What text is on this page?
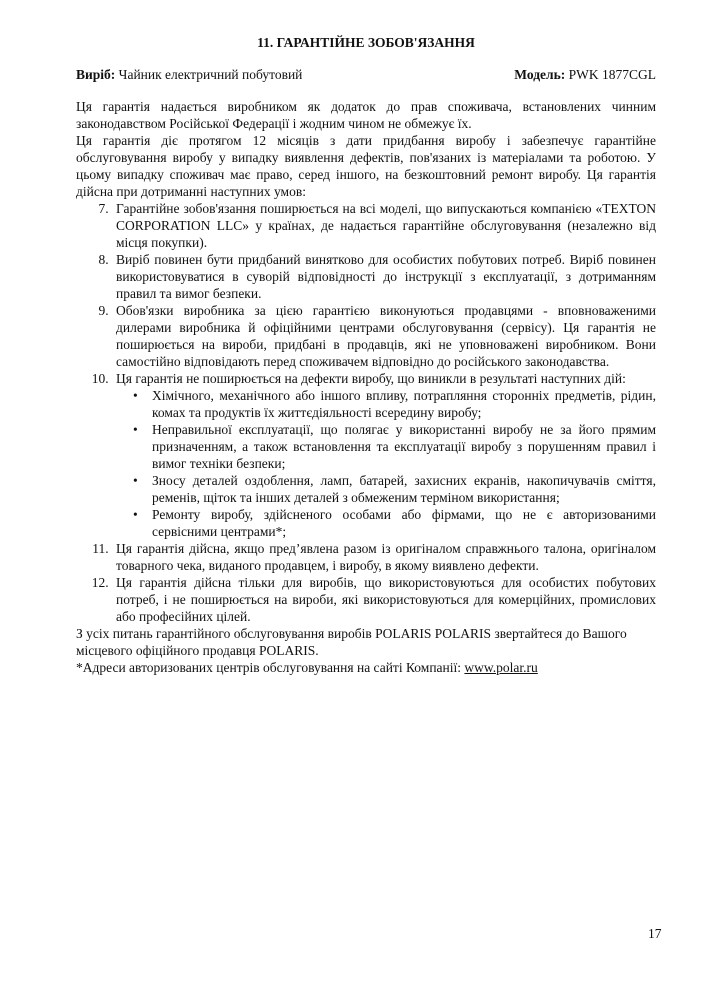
11. ГАРАНТІЙНЕ ЗОБОВ'ЯЗАННЯ
Виріб: Чайник електричний побутовий	Модель: PWK 1877CGL

Ця гарантія надається виробником як додаток до прав споживача, встановлених чинним законодавством Російської Федерації і жодним чином не обмежує їх.

Ця гарантія діє протягом 12 місяців з дати придбання виробу і забезпечує гарантійне обслуговування виробу у випадку виявлення дефектів, пов'язаних із матеріалами та роботою. У цьому випадку споживач має право, серед іншого, на безкоштовний ремонт виробу. Ця гарантія дійсна при дотриманні наступних умов:

7. Гарантійне зобов'язання поширюється на всі моделі, що випускаються компанією «TEXTON CORPORATION LLC» у країнах, де надається гарантійне обслуговування (незалежно від місця покупки).
8. Виріб повинен бути придбаний винятково для особистих побутових потреб. Виріб повинен використовуватися в суворій відповідності до інструкції з експлуатації, з дотриманням правил та вимог безпеки.
9. Обов'язки виробника за цією гарантією виконуються продавцями - вповноваженими дилерами виробника й офіційними центрами обслуговування (сервісу). Ця гарантія не поширюється на вироби, придбані в продавців, які не уповноважені виробником. Вони самостійно відповідають перед споживачем відповідно до російського законодавства.
10. Ця гарантія не поширюється на дефекти виробу, що виникли в результаті наступних дій:
• Хімічного, механічного або іншого впливу, потрапляння сторонніх предметів, рідин, комах та продуктів їх життєдіяльності всередину виробу;
• Неправильної експлуатації, що полягає у використанні виробу не за його прямим призначенням, а також встановлення та експлуатації виробу з порушенням правил і вимог техніки безпеки;
• Зносу деталей оздоблення, ламп, батарей, захисних екранів, накопичувачів сміття, ременів, щіток та інших деталей з обмеженим терміном використання;
• Ремонту виробу, здійсненого особами або фірмами, що не є авторизованими сервісними центрами*;
11. Ця гарантія дійсна, якщо пред’явлена разом із оригіналом справжнього талона, оригіналом товарного чека, виданого продавцем, і виробу, в якому виявлено дефекти.
12. Ця гарантія дійсна тільки для виробів, що використовуються для особистих побутових потреб, і не поширюється на вироби, які використовуються для комерційних, промислових або професійних цілей.

З усіх питань гарантійного обслуговування виробів POLARIS POLARIS звертайтеся до Вашого місцевого офіційного продавця POLARIS.

*Адреси авторизованих центрів обслуговування на сайті Компанії: www.polar.ru

17
